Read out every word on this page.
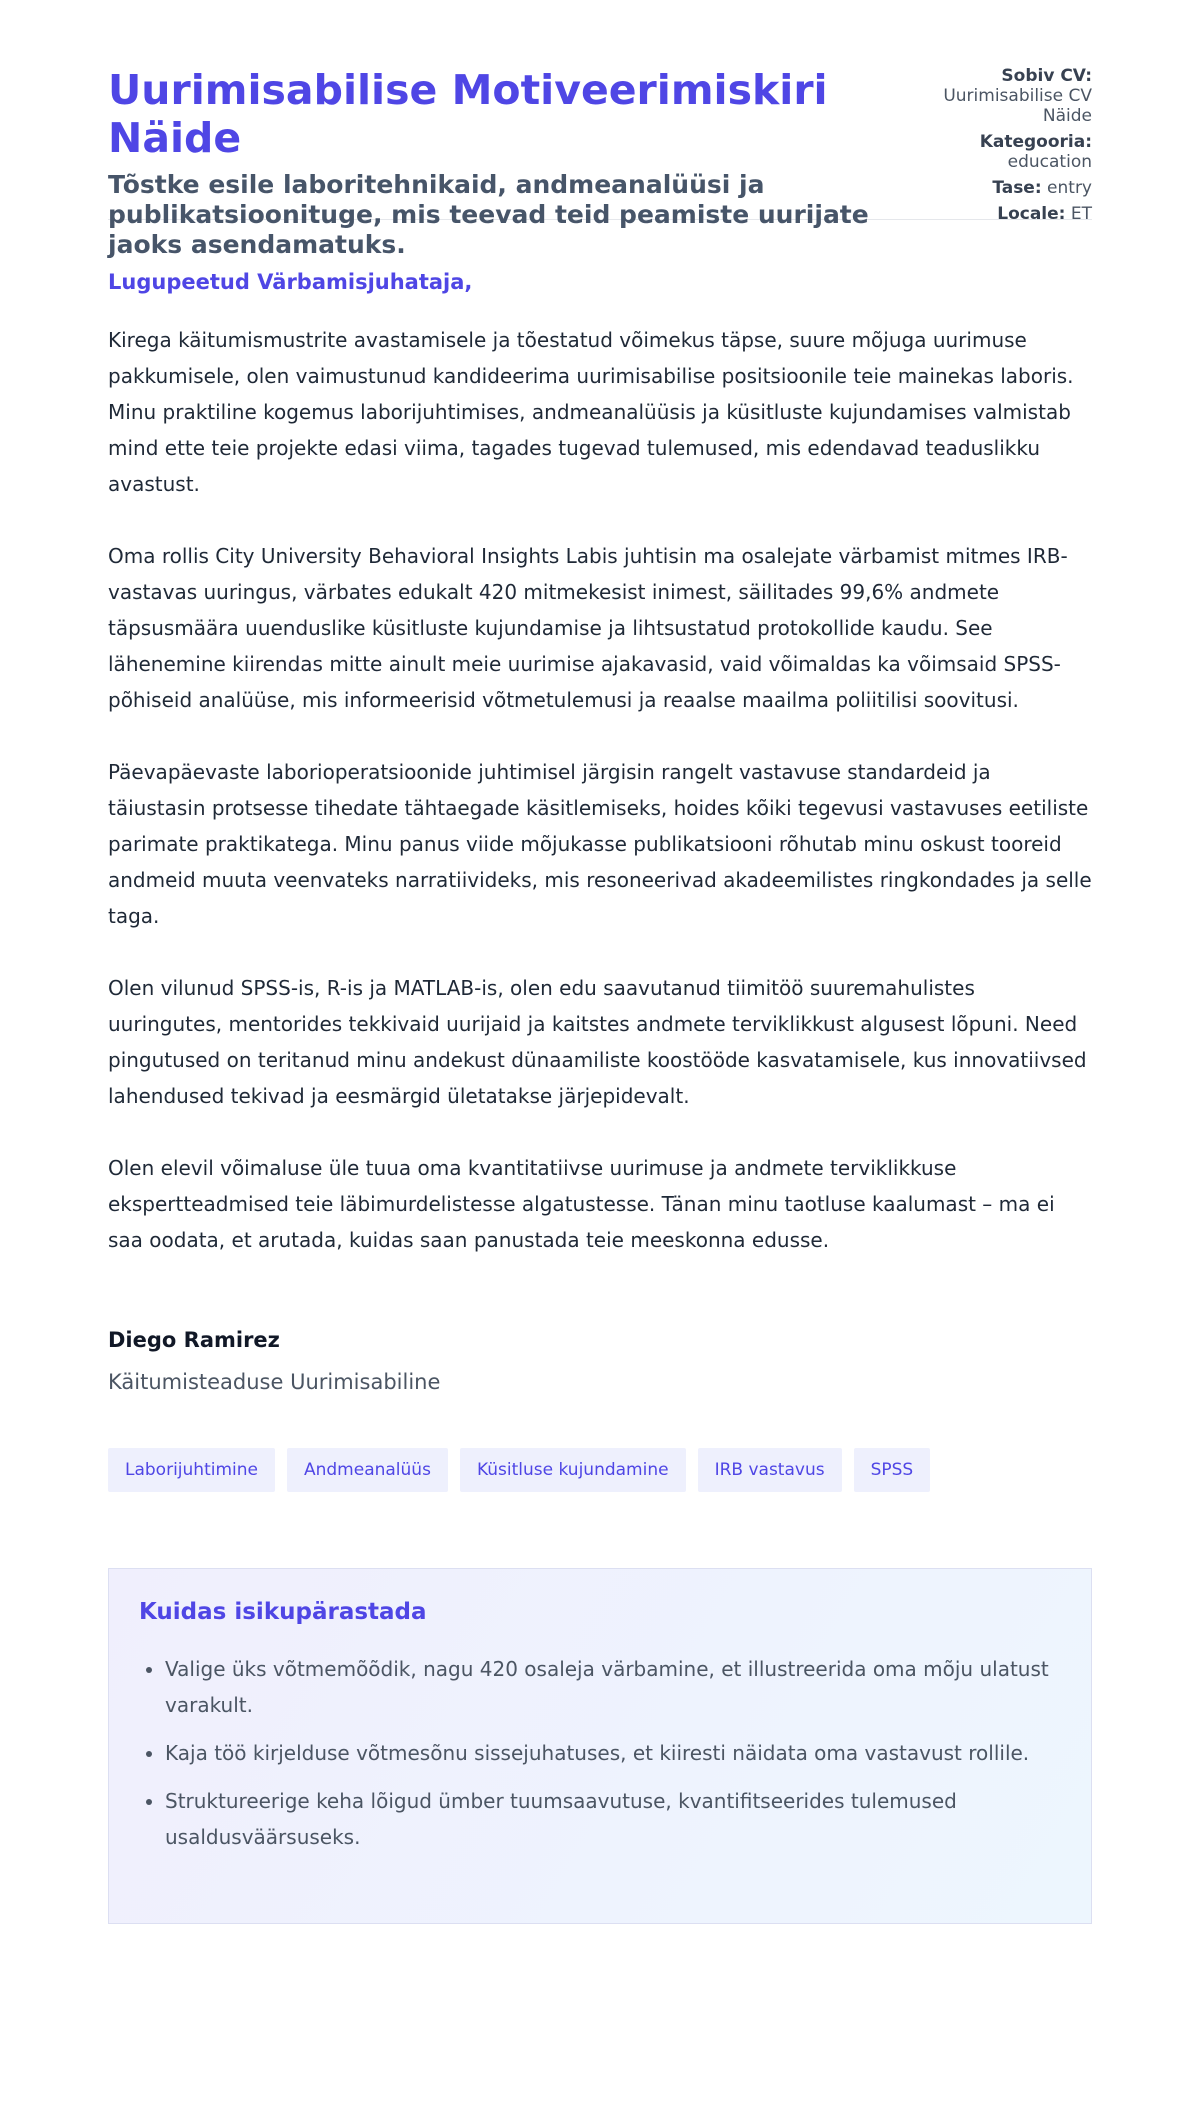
Uurimisabilise Motiveerimiskiri Näide

Tõstke esile laboritehnikaid, andmeanalüüsi ja publikatsioonituge, mis teevad teid peamiste uurijate jaoks asendamatuks.

Sobiv CV:
Uurimisabilise CV Näide
Kategooria:
education
Tase: entry
Locale: ET

Lugupeetud Värbamisjuhataja,

Kirega käitumismustrite avastamisele ja tõestatud võimekus täpse, suure mõjuga uurimuse pakkumisele, olen vaimustunud kandideerima uurimisabilise positsioonile teie mainekas laboris. Minu praktiline kogemus laborijuhtimises, andmeanalüüsis ja küsitluste kujundamises valmistab mind ette teie projekte edasi viima, tagades tugevad tulemused, mis edendavad teaduslikku avastust.

Oma rollis City University Behavioral Insights Labis juhtisin ma osalejate värbamist mitmes IRB-vastavas uuringus, värbates edukalt 420 mitmekesist inimest, säilitades 99,6% andmete täpsusmäära uuenduslike küsitluste kujundamise ja lihtsustatud protokollide kaudu. See lähenemine kiirendas mitte ainult meie uurimise ajakavasid, vaid võimaldas ka võimsaid SPSS-põhiseid analüüse, mis informeerisid võtmetulemusi ja reaalse maailma poliitilisi soovitusi.

Päevapäevaste laborioperatsioonide juhtimisel järgisin rangelt vastavuse standardeid ja täiustasin protsesse tihedate tähtaegade käsitlemiseks, hoides kõiki tegevusi vastavuses eetiliste parimate praktikategа. Minu panus viide mõjukasse publikatsiooni rõhutab minu oskust tooreid andmeid muuta veenvateks narratiivideks, mis resoneerivad akadeemilistes ringkondades ja selle taga.

Olen vilunud SPSS-is, R-is ja MATLAB-is, olen edu saavutanud tiimitöö suuremahulistes uuringutes, mentorides tekkivaid uurijaid ja kaitstes andmete terviklikkust algusest lõpuni. Need pingutused on teritanud minu andekust dünaamiliste koostööde kasvatamisele, kus innovatiivsed lahendused tekivad ja eesmärgid ületatakse järjepidevalt.

Olen elevil võimaluse üle tuua oma kvantitatiivse uurimuse ja andmete terviklikkuse ekspertteadmised teie läbimurdelistesse algatustesse. Tänan minu taotluse kaalumast – ma ei saa oodata, et arutada, kuidas saan panustada teie meeskonna edusse.

Diego Ramirez

Käitumisteaduse Uurimisabiline

Laborijuhtimine	Andmeanalüüs	Küsitluse kujundamine	IRB vastavus	SPSS
Kuidas isikupärastada
• Valige üks võtmemõõdik, nagu 420 osaleja värbamine, et illustreerida oma mõju ulatust varakult.
• Kaja töö kirjelduse võtmesõnu sissejuhatuses, et kiiresti näidata oma vastavust rollile.
• Struktureerige keha lõigud ümber tuumsaavutuse, kvantifitseerides tulemused usaldusväärsuseks.
